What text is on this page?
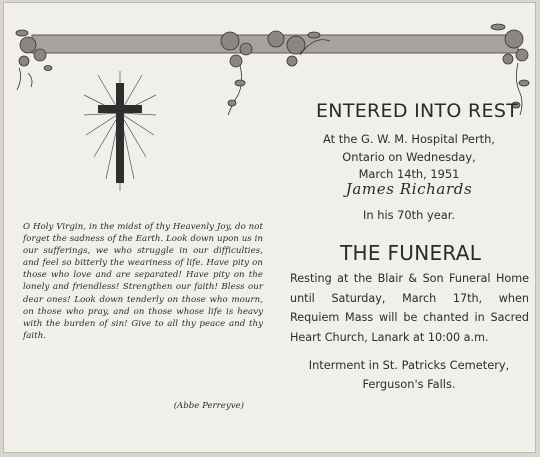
O Holy Virgin, in the midst of thy Heavenly Joy, do not forget the sadness of the Earth. Look down upon us in our sufferings, we who struggle in our difficulties, and feel so bitterly the weariness of life. Have pity on those who love and are separated! Have pity on the lonely and friendless! Strengthen our faith! Bless our dear ones! Look down tenderly on those who mourn, on those who pray, and on those whose life is heavy with the burden of sin! Give to all thy peace and thy faith.

(Abbe Perreyve)
ENTERED INTO REST
At the G. W. M. Hospital Perth,
Ontario on Wednesday,
March 14th, 1951
James Richards
In his 70th year.
THE FUNERAL

Resting at the Blair & Son Funeral Home until Saturday, March 17th, when Requiem Mass will be chanted in Sacred Heart Church, Lanark at 10:00 a.m.

Interment in St. Patricks Cemetery,
Ferguson's Falls.
